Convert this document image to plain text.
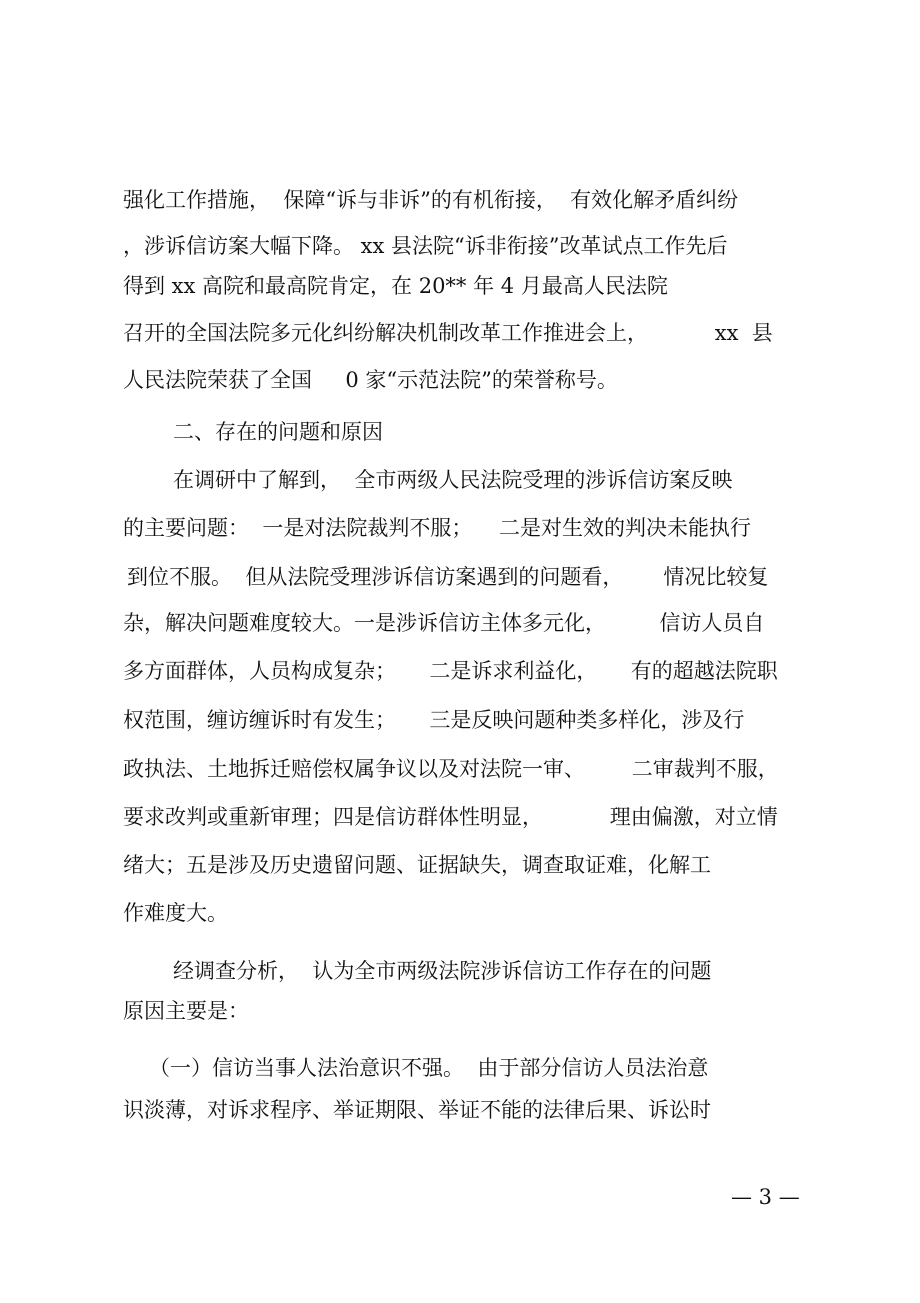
强化工作措施，  保障“诉与非诉”的有机衔接，  有效化解矛盾纠纷

，涉诉信访案大幅下降。 xx 县法院“诉非衔接”改革试点工作先后

得到 xx 高院和最高院肯定，在 20** 年 4 月最高人民法院

召开的全国法院多元化纠纷解决机制改革工作推进会上，          xx  县

人民法院荣获了全国     0 家“示范法院”的荣誉称号。

二、存在的问题和原因

在调研中了解到，  全市两级人民法院受理的涉诉信访案反映

的主要问题：  一是对法院裁判不服；    二是对生效的判决未能执行

到位不服。  但从法院受理涉诉信访案遇到的问题看，      情况比较复

杂，解决问题难度较大。一是涉诉信访主体多元化，        信访人员自

多方面群体，人员构成复杂；     二是诉求利益化，     有的超越法院职

权范围，缠访缠诉时有发生；     三是反映问题种类多样化，涉及行

政执法、土地拆迁赔偿权属争议以及对法院一审、       二审裁判不服，

要求改判或重新审理；四是信访群体性明显，          理由偏激，对立情

绪大；五是涉及历史遗留问题、证据缺失，调查取证难，化解工

作难度大。

经调查分析，  认为全市两级法院涉诉信访工作存在的问题

原因主要是：

（一）信访当事人法治意识不强。  由于部分信访人员法治意

识淡薄，对诉求程序、举证期限、举证不能的法律后果、诉讼时

— 3 —
